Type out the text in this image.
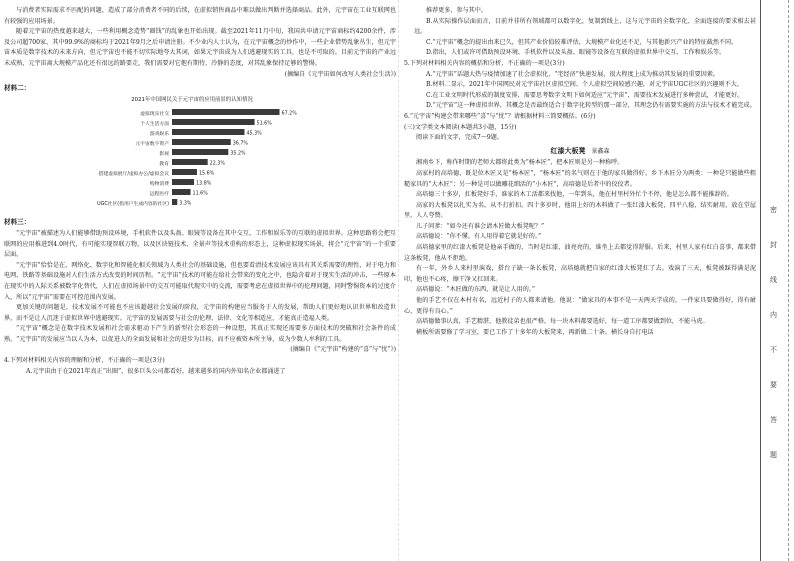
与消费者实际需求不匹配的问题，造成了部分消费者不同的后续，在虚拟销售商品中难以做出判断并选择商品。此外，元宇宙在工业互联网也有较强的应用场景。

随着元宇宙的热度越来越大，一些利用概念造势“圈钱”的乱象也开始出现。截至2021年11月中旬，我国共申请元宇宙商标约4200余件，涉及公司超700家，其中99.9%的商标均于2021年9月之后申请注册。不少业内人士认为，在元宇宙概念的炒作中，一些企业借势乱象丛生，但元宇宙本质是数字技术的未来方向，但元宇宙也不能不切实际地夸大其词，如果元宇宙成为人们逃避现实的工具，也是不可取的。目前元宇宙的产业远未成熟，元宇宙离大规模产品化还有很远的路要走，我们需要对它抱有期待、冷静的态度，对其乱象保持足够的警惕。

(摘编自《元宇宙如何改写人类社会生活》)

材料二：
2021年中国网民关于元宇宙的应用前景的认知情况
虚拟现实社交	67.2%
个人生活方面	51.6%
游戏娱乐	45.3%
元宇宙数字资产	36.7%
影视	35.2%
教育	22.3%
搭建虚拟展厅/虚拟办公/虚拟会议	15.6%
购物消费	13.8%
远程医疗	11.6%
UGC社区(指用户生成内容的社区) 3.3%
材料三：

“元宇宙”被描述为人们能够借助预设环境，手机软件以及头盔、眼镜等设备在其中交互、工作和娱乐等的互联的虚拟世界。这种思路将会把互联网的应用推进到4.0时代，有可能实现智联万物，以及区块链技术、全景声等技术重构的形态上，这种虚拟现实场景，将会“元宇宙”的一个重要层面。

“元宇宙”恰恰是在，网络化、数字化和智能化相关领域为人类社会的基础设施，但也要看清技术发展应该具有其关系需要的理性，对于电力和电网、铁路等基础设施对人们生活方式改变的时间历程。“元宇宙”技术的可能在给社会带来的变化之中，也隐含着对于现实生活的冲击，一些原本在现实中的人际关系被数字化替代，人们在虚拟场景中的交互可能取代现实中的交流，需要考虑在虚拟世界中的伦理问题，同时警惕资本的过度介入，所以“元宇宙”需要在可控范围内发展。

更加关键的问题是，技术发展不可能也不应该超越社会发展的阶段，元宇宙的构建应当服务于人的发展，帮助人们更好地认识世界和改造世界，而不是让人沉迷于虚拟世界中逃避现实。元宇宙的发展需要与社会的伦理、法律、文化等相适应，才能真正造福人类。

“元宇宙”概念是在数字技术发展和社会需求驱动下产生的新型社会形态的一种设想，其真正实现还需要多方面技术的突破和社会条件的成熟。“元宇宙”的发展应当以人为本，以促进人的全面发展和社会的进步为目标，而不应被资本所主导，成为少数人牟利的工具。

(摘编自《“元宇宙”构建的“喜”与“忧”》)

4.下列对材料相关内容的理解和分析，不正确的一项是(3分)

A.元宇宙由于在2021年真正“出圈”，很多巨头公司都看好，越来越多的国内外知名企业都涌进了

推荐更多，参与其中。

B.从实际操作层面而言，目前并非所有领域都可以数字化，复制到线上，这与元宇宙的全数字化、全面连接的要求相去甚远。

C.“元宇宙”概念的提出由来已久，但其产业价值较难评估，大规模产业化还不足，与其他新兴产业的特征截然不同。

D.指出，人们或许可借助预设环境、手机软件以及头盔、眼镜等设备在互联的虚拟世界中交互、工作和娱乐等。

5.下列对材料相关内容的概括和分析，不正确的一项是(3分)

A.“元宇宙”话题大热与疫情加速了社会虚拟化、“宅经济”快速发展，很大程度上成为推动其发展的重要因素。

B.材料二显示，2021年中国网民对元宇宙社区虚拟空间、个人虚拟空间较感兴趣，对元宇宙UGC社区的兴趣则不大。

C.在工业文明时代形成的制度安排，需要思考数字文明下如何适应“元宇宙”，需要技术发展进行多种尝试，才能更好。

D.“元宇宙”这一种虚拟世界，其概念是否最终适合于数字化转型的那一部分，其理念仍有需要实施的方法与技术才能完成。

6.“元宇宙”构建会带来哪些“喜”与“忧”？请根据材料三简要概括。(6分)

(三)文学类文本阅读(本题共3小题，15分)

阅读下面的文字，完成7～9题。

红漆大板凳 景鑫森

湘南乡下，称作时期的老师大都将此类为“杨本匠”，把本匠则是另一种称呼。

高家村的高培德，既是位木匠又是“杨本匠”，“杨本匠”的名气则在于他的家具做得好。乡下木匠分为两类：一种是只能做些粗糙家具的“大木匠”；另一种是可以做雕花细活的“小木匠”，高培德是后者中的佼佼者。

高培德三十多岁，扛板凳好手，谁家的木工活都来找他，一年到头，他在村里村外忙个不停，他是怎么都不能推辞的。

高家的大板凳以扎实为名，从不打折扣。四十多岁时，他用上好的木料做了一张红漆大板凳，四平八稳，结实耐用，放在堂屋里，人人夸赞。

儿子问爹：“如今还有谁会请木匠做大板凳呢？”

高培德说：“你不懂。有人用得着它就是好的。”

高培德家里的红漆大板凳是他亲手做的，当时是红漆，油亮亮的，谁坐上去都觉得舒服。后来，村里人家有红白喜事，都来借这条板凳，他从不拒绝。

有一年，外乡人来村里演戏，搭台子缺一条长板凳，高培德就把自家的红漆大板凳扛了去。戏演了三天，板凳被踩得满是泥印，他也不心疼，擦干净又扛回来。

高培德说：“木匠做的东西，就是让人用的。”

他的手艺不仅在本村有名，远近村子的人都来请他。他说：“做家具的本事不是一天两天学成的，一件家具要做得好，得有耐心，更得有良心。”

高培德做事认真，手艺精湛，他教徒弟也很严格，每一块木料都要选好，每一道工序都要做到位，不能马虎。

横板所需要修了学习室，要已工作了十多年的大板凳来，再新做二十条。横长身自打电话

密
封
线
内
不
要
答
题
